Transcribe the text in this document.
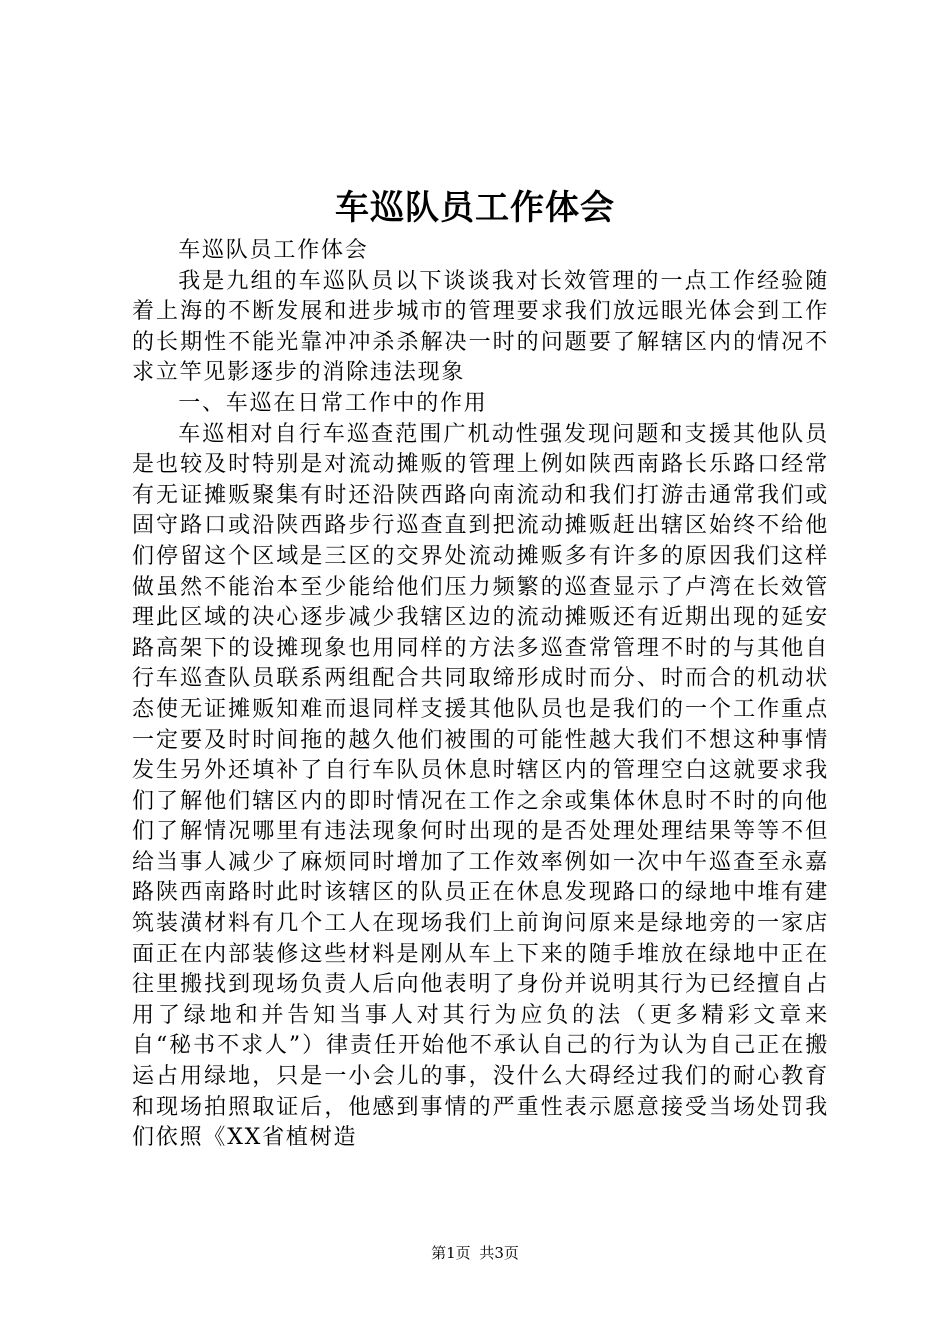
车巡队员工作体会

车巡队员工作体会

我是九组的车巡队员以下谈谈我对长效管理的一点工作经验随着上海的不断发展和进步城市的管理要求我们放远眼光体会到工作的长期性不能光靠冲冲杀杀解决一时的问题要了解辖区内的情况不求立竿见影逐步的消除违法现象

一、车巡在日常工作中的作用

车巡相对自行车巡查范围广机动性强发现问题和支援其他队员是也较及时特别是对流动摊贩的管理上例如陕西南路长乐路口经常有无证摊贩聚集有时还沿陕西路向南流动和我们打游击通常我们或固守路口或沿陕西路步行巡查直到把流动摊贩赶出辖区始终不给他们停留这个区域是三区的交界处流动摊贩多有许多的原因我们这样做虽然不能治本至少能给他们压力频繁的巡查显示了卢湾在长效管理此区域的决心逐步减少我辖区边的流动摊贩还有近期出现的延安路高架下的设摊现象也用同样的方法多巡查常管理不时的与其他自行车巡查队员联系两组配合共同取缔形成时而分、时而合的机动状态使无证摊贩知难而退同样支援其他队员也是我们的一个工作重点一定要及时时间拖的越久他们被围的可能性越大我们不想这种事情发生另外还填补了自行车队员休息时辖区内的管理空白这就要求我们了解他们辖区内的即时情况在工作之余或集体休息时不时的向他们了解情况哪里有违法现象何时出现的是否处理处理结果等等不但给当事人减少了麻烦同时增加了工作效率例如一次中午巡查至永嘉路陕西南路时此时该辖区的队员正在休息发现路口的绿地中堆有建筑装潢材料有几个工人在现场我们上前询问原来是绿地旁的一家店面正在内部装修这些材料是刚从车上下来的随手堆放在绿地中正在往里搬找到现场负责人后向他表明了身份并说明其行为已经擅自占用了绿地和并告知当事人对其行为应负的法（更多精彩文章来自“秘书不求人”）律责任开始他不承认自己的行为认为自己正在搬运占用绿地，只是一小会儿的事，没什么大碍经过我们的耐心教育和现场拍照取证后，他感到事情的严重性表示愿意接受当场处罚我们依照《XX省植树造

第1页 共3页
